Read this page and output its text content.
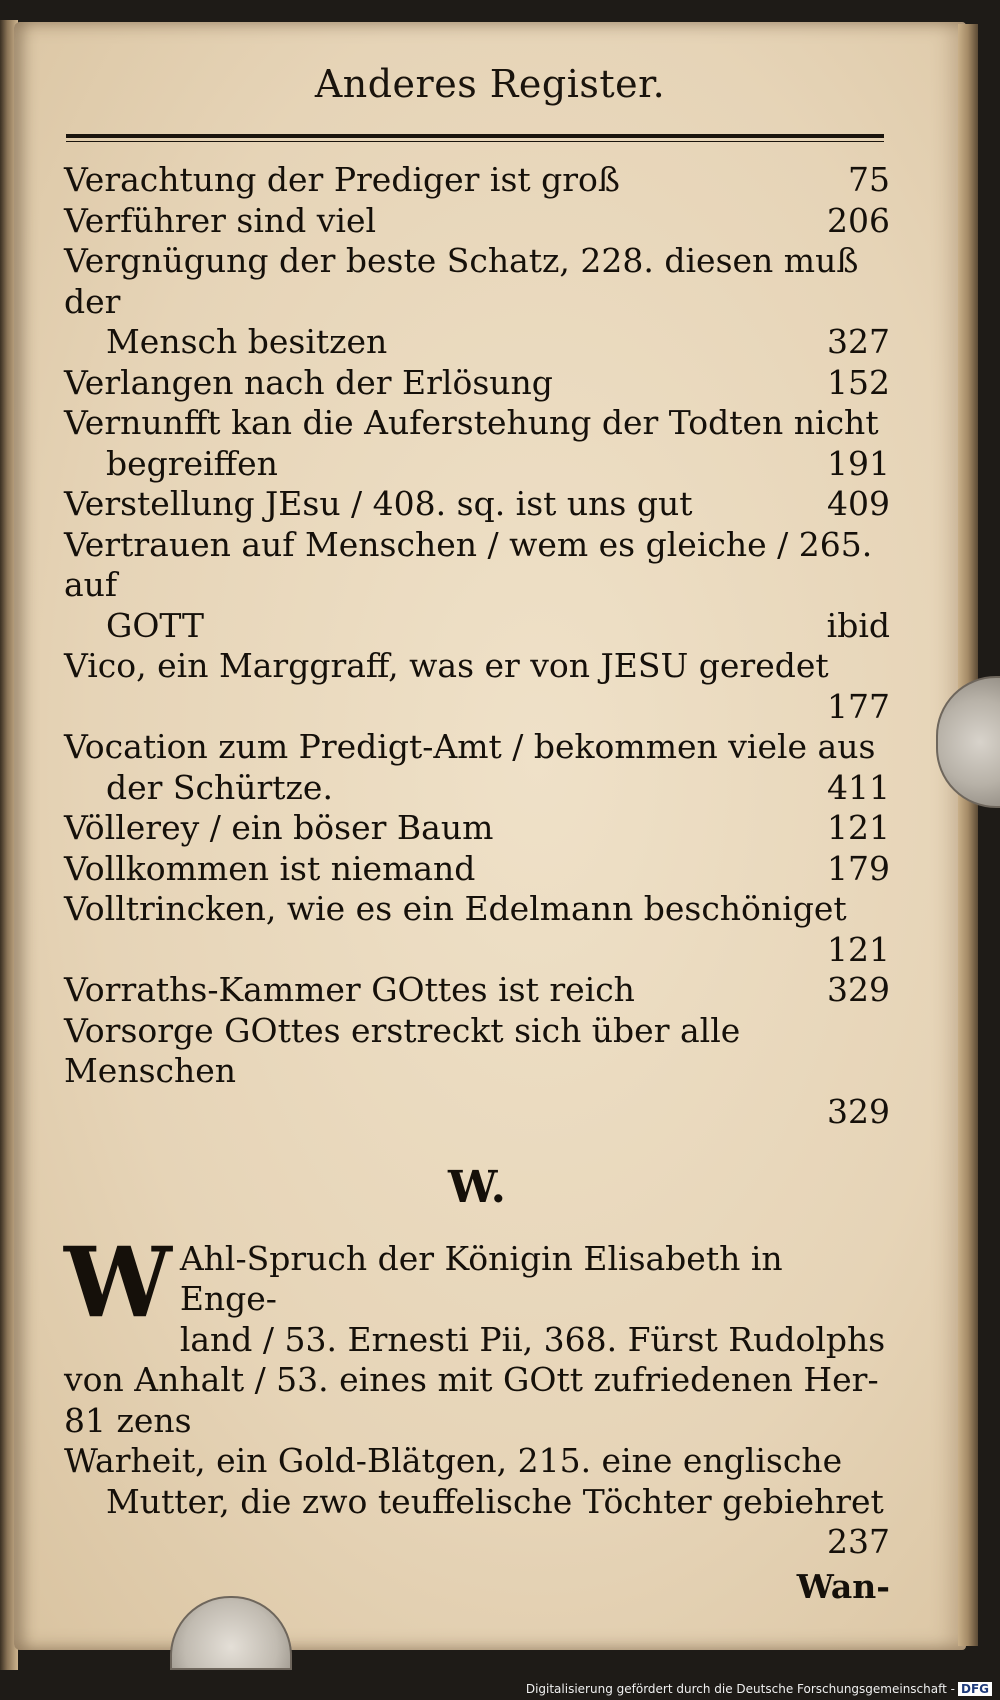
Anderes Register.
75
Verachtung der Prediger ist groß
206
Verführer sind viel
Vergnügung der beste Schatz, 228. diesen muß der
327
Mensch besitzen
152
Verlangen nach der Erlösung
Vernunfft kan die Auferstehung der Todten nicht
191
begreiffen
409
Verstellung JEsu / 408. sq. ist uns gut
Vertrauen auf Menschen / wem es gleiche / 265. auf
ibid
GOTT
Vico, ein Marggraff, was er von JESU geredet
177
Vocation zum Predigt-Amt / bekommen viele aus
411
der Schürtze.
121
Völlerey / ein böser Baum
179
Vollkommen ist niemand
Volltrincken, wie es ein Edelmann beschöniget
121
329
Vorraths-Kammer GOttes ist reich
Vorsorge GOttes erstreckt sich über alle Menschen
329
W.
W Ahl-Spruch der Königin Elisabeth in Enge-
land / 53. Ernesti Pii, 368. Fürst Rudolphs
von Anhalt / 53. eines mit GOtt zufriedenen Her-
81 zens
Warheit, ein Gold-Blätgen, 215. eine englische
Mutter, die zwo teuffelische Töchter gebiehret
237
Wan-
Digitalisierung gefördert durch die Deutsche Forschungsgemeinschaft - DFG
